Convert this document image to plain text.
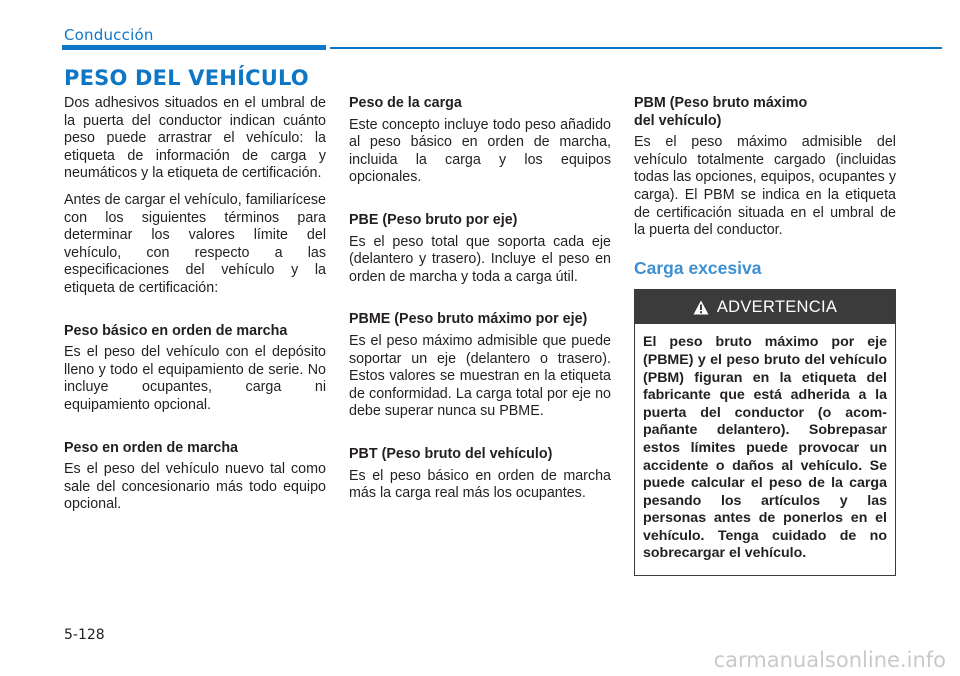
Conducción
PESO DEL VEHÍCULO

Dos adhesivos situados en el umbral de la puerta del conductor indican cuánto peso puede arrastrar el vehículo: la etiqueta de información de carga y neumáticos y la etiqueta de certificación.

Antes de cargar el vehículo, familiarícese con los siguientes términos para determinar los valores límite del vehículo, con respecto a las especificaciones del vehículo y la etiqueta de certificación:

Peso básico en orden de marcha

Es el peso del vehículo con el depósito lleno y todo el equipamiento de serie. No incluye ocupantes, carga ni equipamiento opcional.

Peso en orden de marcha

Es el peso del vehículo nuevo tal como sale del concesionario más todo equipo opcional.

Peso de la carga

Este concepto incluye todo peso añadido al peso básico en orden de marcha, incluida la carga y los equipos opcionales.

PBE (Peso bruto por eje)

Es el peso total que soporta cada eje (delantero y trasero). Incluye el peso en orden de marcha y toda a carga útil.

PBME (Peso bruto máximo por eje)

Es el peso máximo admisible que puede soportar un eje (delantero o trasero). Estos valores se muestran en la etiqueta de conformidad. La carga total por eje no debe superar nunca su PBME.

PBT (Peso bruto del vehículo)

Es el peso básico en orden de marcha más la carga real más los ocupantes.

PBM (Peso bruto máximo
del vehículo)

Es el peso máximo admisible del vehículo totalmente cargado (incluidas todas las opciones, equipos, ocupantes y carga). El PBM se indica en la etiqueta de certificación situada en el umbral de la puerta del conductor.

Carga excesiva
ADVERTENCIA
El peso bruto máximo por eje (PBME) y el peso bruto del vehículo (PBM) figuran en la etiqueta del fabricante que está adherida a la puerta del conductor (o acom-pañante delantero). Sobrepasar estos límites puede provocar un accidente o daños al vehículo. Se puede calcular el peso de la carga pesando los artículos y las personas antes de ponerlos en el vehículo. Tenga cuidado de no sobrecargar el vehículo.
5-128
carmanualsonline.info
